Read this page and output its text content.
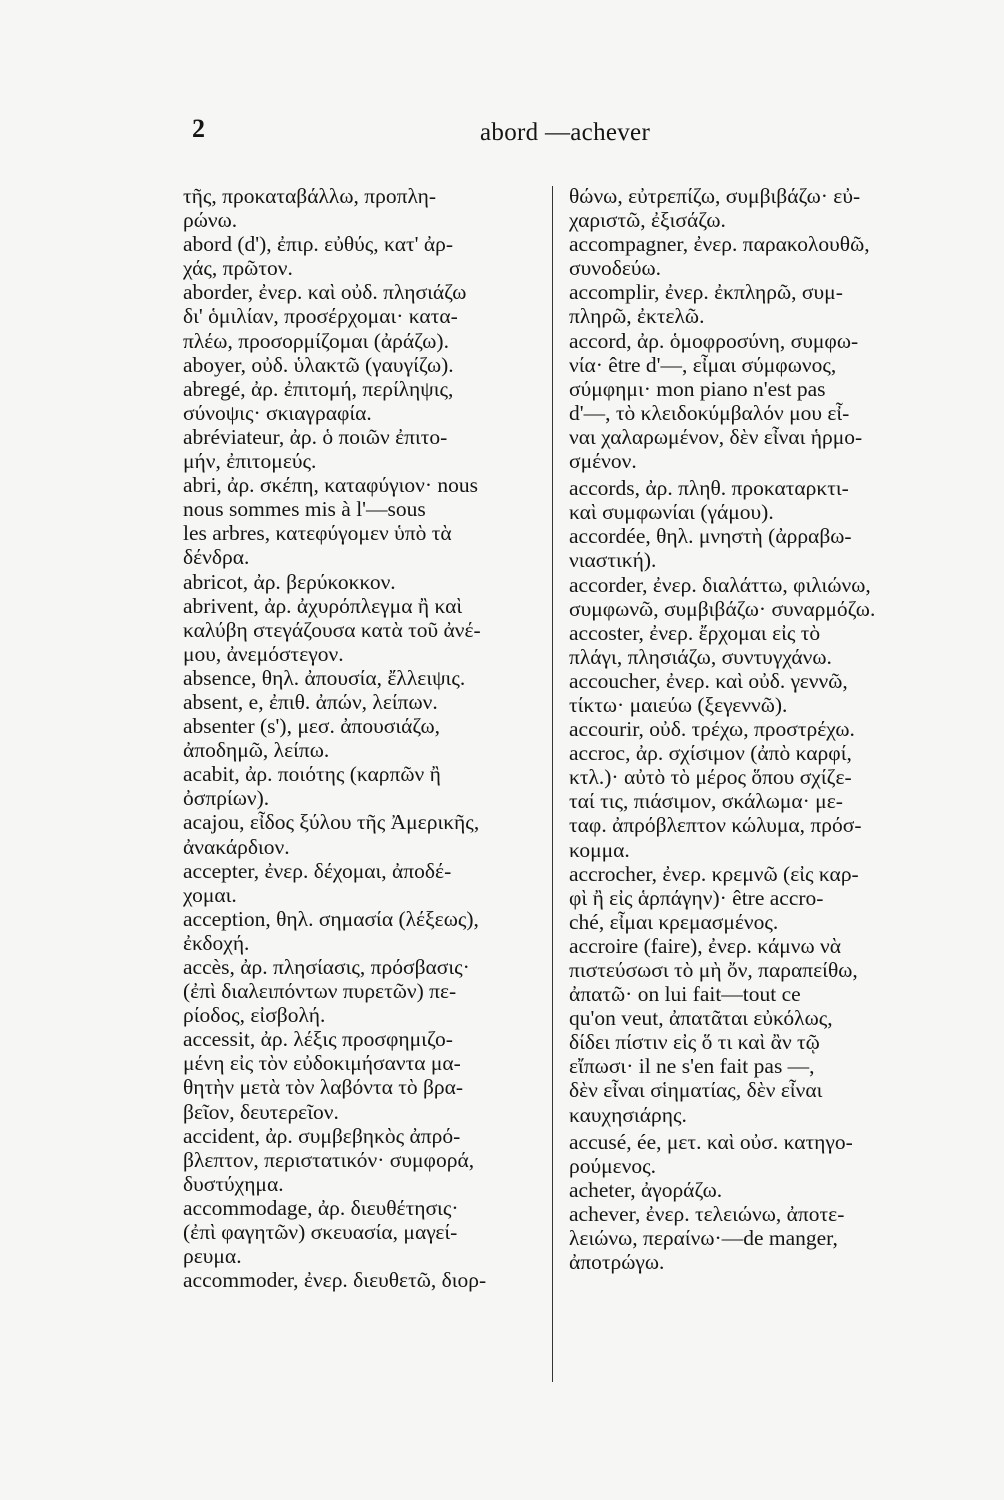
2	abord —achever
τῆς, προκαταβάλλω, προπλη-
ρώνω.
abord (d'), ἐπιρ. εὐθύς, κατ' ἀρ-
χάς, πρῶτον.
aborder, ἐνερ. καὶ οὐδ. πλησιάζω
δι' ὁμιλίαν, προσέρχομαι· κατα-
πλέω, προσορμίζομαι (ἀράζω).
aboyer, οὐδ. ὑλακτῶ (γαυγίζω).
abregé, ἀρ. ἐπιτομή, περίληψις,
σύνοψις· σκιαγραφία.
abréviateur, ἀρ. ὁ ποιῶν ἐπιτο-
μήν, ἐπιτομεύς.
abri, ἀρ. σκέπη, καταφύγιον· nous
nous sommes mis à l'—sous
les arbres, κατεφύγομεν ὑπὸ τὰ
δένδρα.
abricot, ἀρ. βερύκοκκον.
abrivent, ἀρ. ἀχυρόπλεγμα ἢ καὶ
καλύβη στεγάζουσα κατὰ τοῦ ἀνέ-
μου, ἀνεμόστεγον.
absence, θηλ. ἀπουσία, ἔλλειψις.
absent, e, ἐπιθ. ἀπών, λείπων.
absenter (s'), μεσ. ἀπουσιάζω,
ἀποδημῶ, λείπω.
acabit, ἀρ. ποιότης (καρπῶν ἢ
ὀσπρίων).
acajou, εἶδος ξύλου τῆς Ἀμερικῆς,
ἀνακάρδιον.
accepter, ἐνερ. δέχομαι, ἀποδέ-
χομαι.
acception, θηλ. σημασία (λέξεως),
ἐκδοχή.
accès, ἀρ. πλησίασις, πρόσβασις·
(ἐπὶ διαλειπόντων πυρετῶν) πε-
ρίοδος, εἰσβολή.
accessit, ἀρ. λέξις προσφημιζο-
μένη εἰς τὸν εὐδοκιμήσαντα μα-
θητὴν μετὰ τὸν λαβόντα τὸ βρα-
βεῖον, δευτερεῖον.
accident, ἀρ. συμβεβηκὸς ἀπρό-
βλεπτον, περιστατικόν· συμφορά,
δυστύχημα.
accommodage, ἀρ. διευθέτησις·
(ἐπὶ φαγητῶν) σκευασία, μαγεί-
ρευμα.
accommoder, ἐνερ. διευθετῶ, διορ-
θώνω, εὐτρεπίζω, συμβιβάζω· εὐ-
χαριστῶ, ἐξισάζω.
accompagner, ἐνερ. παρακολουθῶ,
συνοδεύω.
accomplir, ἐνερ. ἐκπληρῶ, συμ-
πληρῶ, ἐκτελῶ.
accord, ἀρ. ὁμοφροσύνη, συμφω-
νία· être d'—, εἶμαι σύμφωνος,
σύμφημι· mon piano n'est pas
d'—, τὸ κλειδοκύμβαλόν μου εἶ-
ναι χαλαρωμένον, δὲν εἶναι ἡρμο-
σμένον.
accords, ἀρ. πληθ. προκαταρκτι-
καὶ συμφωνίαι (γάμου).
accordée, θηλ. μνηστὴ (ἀρραβω-
νιαστική).
accorder, ἐνερ. διαλάττω, φιλιώνω,
συμφωνῶ, συμβιβάζω· συναρμόζω.
accoster, ἐνερ. ἔρχομαι εἰς τὸ
πλάγι, πλησιάζω, συντυγχάνω.
accoucher, ἐνερ. καὶ οὐδ. γεννῶ,
τίκτω· μαιεύω (ξεγεννῶ).
accourir, οὐδ. τρέχω, προστρέχω.
accroc, ἀρ. σχίσιμον (ἀπὸ καρφί,
κτλ.)· αὐτὸ τὸ μέρος ὅπου σχίζε-
ταί τις, πιάσιμον, σκάλωμα· με-
ταφ. ἀπρόβλεπτον κώλυμα, πρόσ-
κομμα.
accrocher, ἐνερ. κρεμνῶ (εἰς καρ-
φὶ ἢ εἰς ἁρπάγην)· être accro-
ché, εἶμαι κρεμασμένος.
accroire (faire), ἐνερ. κάμνω νὰ
πιστεύσωσι τὸ μὴ ὄν, παραπείθω,
ἀπατῶ· on lui fait—tout ce
qu'on veut, ἀπατᾶται εὐκόλως,
δίδει πίστιν εἰς ὅ τι καὶ ἂν τῷ
εἴπωσι· il ne s'en fait pas —,
δὲν εἶναι σἱηματίας, δὲν εἶναι
καυχησιάρης.
accusé, ée, μετ. καὶ οὐσ. κατηγο-
ρούμενος.
acheter, ἀγοράζω.
achever, ἐνερ. τελειώνω, ἀποτε-
λειώνω, περαίνω·—de manger,
ἀποτρώγω.
